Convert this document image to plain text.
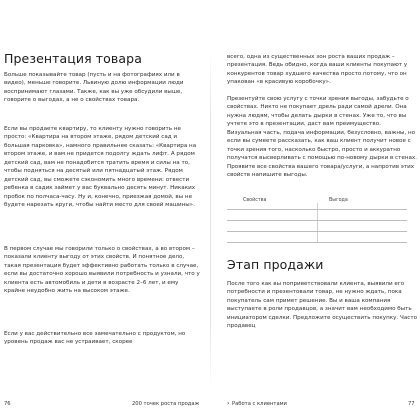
Презентация товара

Больше показывайте товар (пусть и на фотографиях или в видео), меньше говорите. Львиную долю информации люди воспринимают глазами. Также, как вы уже обсудили выше, говорите о выгодах, а не о свойствах товара.

Если вы продаете квартиру, то клиенту нужно говорить не просто: «Квартира на втором этаже, рядом детский сад и большая парковка», намного правильнее сказать: «Квартира на втором этаже, и вам не придется подолгу ждать лифт. А рядом детский сад, вам не понадобится тратить время и силы на то, чтобы подняться на десятый или пятнадцатый этаж. Рядом детский сад, вы сможете сэкономить много времени: отвести ребенка в садик займет у вас буквально десять минут. Никаких пробок по полчаса-часу. Ну и, конечно, приезжая домой, вы не будете нарезать круги, чтобы найти место для своей машины».

В первом случае мы говорили только о свойствах, а во втором – показали клиенту выгоду от этих свойств. И понятное дело, такая презентация будет эффективно работать только в случае, если вы достаточно хорошо выявили потребность и узнали, что у клиента есть автомобиль и дети в возрасте 2–6 лет, и ему крайне неудобно жить на высоком этаже.

Если у вас действительно все замечательно с продуктом, но уровень продаж вас не устраивает, скорее

76	200 точек роста продаж

всего, одна из существенных зон роста ваших продаж – презентация. Ведь обидно, когда ваши клиенты покупают у конкурентов товар худшего качества просто потому, что он упакован «в красивую коробочку».

Презентуйте свою услугу с точки зрения выгоды, забудьте о свойствах. Никто не покупает дрель ради самой дрели. Она нужна людям, чтобы делать дырки в стенах. Уже то, что вы учтете это в презентации, даст вам преимущество. Визуальная часть, подача информации, безусловно, важны, но если вы сумеете рассказать, как ваш клиент получит новое с точки зрения того, насколько быстро, просто и аккуратно получатся высверливать с помощью по-новому дырки в стенах. Проявите все свойства вашего товара/услуги, а напротив этих свойств напишите выгоды.

Свойства	Выгода
Этап продажи

После того как вы поприветствовали клиента, выявили его потребности и презентовали товар, не нужно ждать, пока покупатель сам примет решение. Вы и ваша компания выступаете в роли продавцов, а значит вам необходимо быть инициатором сделки. Предложите осуществить покупку. Часто продавец

› Работа с клиентами	77
